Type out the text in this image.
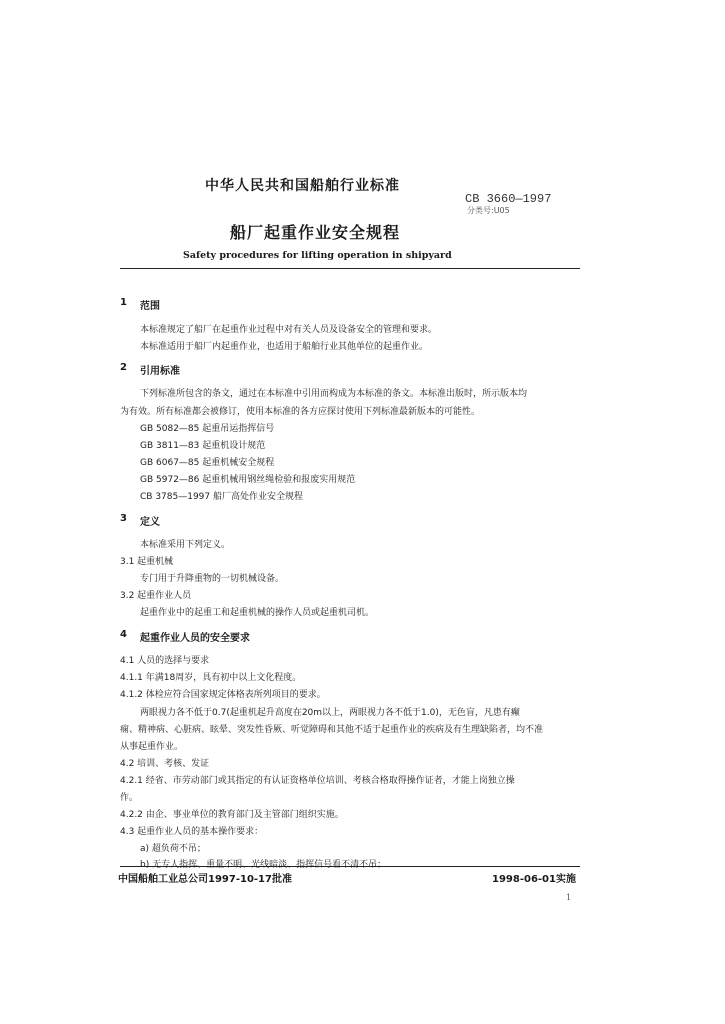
中华人民共和国船舶行业标准
CB 3660—1997
分类号:U05
船厂起重作业安全规程
Safety procedures for lifting operation in shipyard
1 范围
本标准规定了船厂在起重作业过程中对有关人员及设备安全的管理和要求。
本标准适用于船厂内起重作业，也适用于船舶行业其他单位的起重作业。
2 引用标准
下列标准所包含的条文，通过在本标准中引用而构成为本标准的条文。本标准出版时，所示版本均
为有效。所有标准都会被修订，使用本标准的各方应探讨使用下列标准最新版本的可能性。
GB 5082—85 起重吊运指挥信号
GB 3811—83 起重机设计规范
GB 6067—85 起重机械安全规程
GB 5972—86 起重机械用钢丝绳检验和报废实用规范
CB 3785—1997 船厂高处作业安全规程
3 定义
本标准采用下列定义。
3.1 起重机械
专门用于升降重物的一切机械设备。
3.2 起重作业人员
起重作业中的起重工和起重机械的操作人员或起重机司机。
4 起重作业人员的安全要求
4.1 人员的选择与要求
4.1.1 年满18周岁，具有初中以上文化程度。
4.1.2 体检应符合国家规定体格表所列项目的要求。
两眼视力各不低于0.7(起重机起升高度在20m以上，两眼视力各不低于1.0)，无色盲，凡患有癫
痫、精神病、心脏病、眩晕、突发性昏厥、听觉障碍和其他不适于起重作业的疾病及有生理缺陷者，均不准
从事起重作业。
4.2 培训、考核、发证
4.2.1 经省、市劳动部门或其指定的有认证资格单位培训、考核合格取得操作证者，才能上岗独立操
作。
4.2.2 由企、事业单位的教育部门及主管部门组织实施。
4.3 起重作业人员的基本操作要求：
a) 超负荷不吊；
b) 无专人指挥、重量不明、光线暗淡、指挥信号看不清不吊；
中国船舶工业总公司1997-10-17批准	1998-06-01实施
1
